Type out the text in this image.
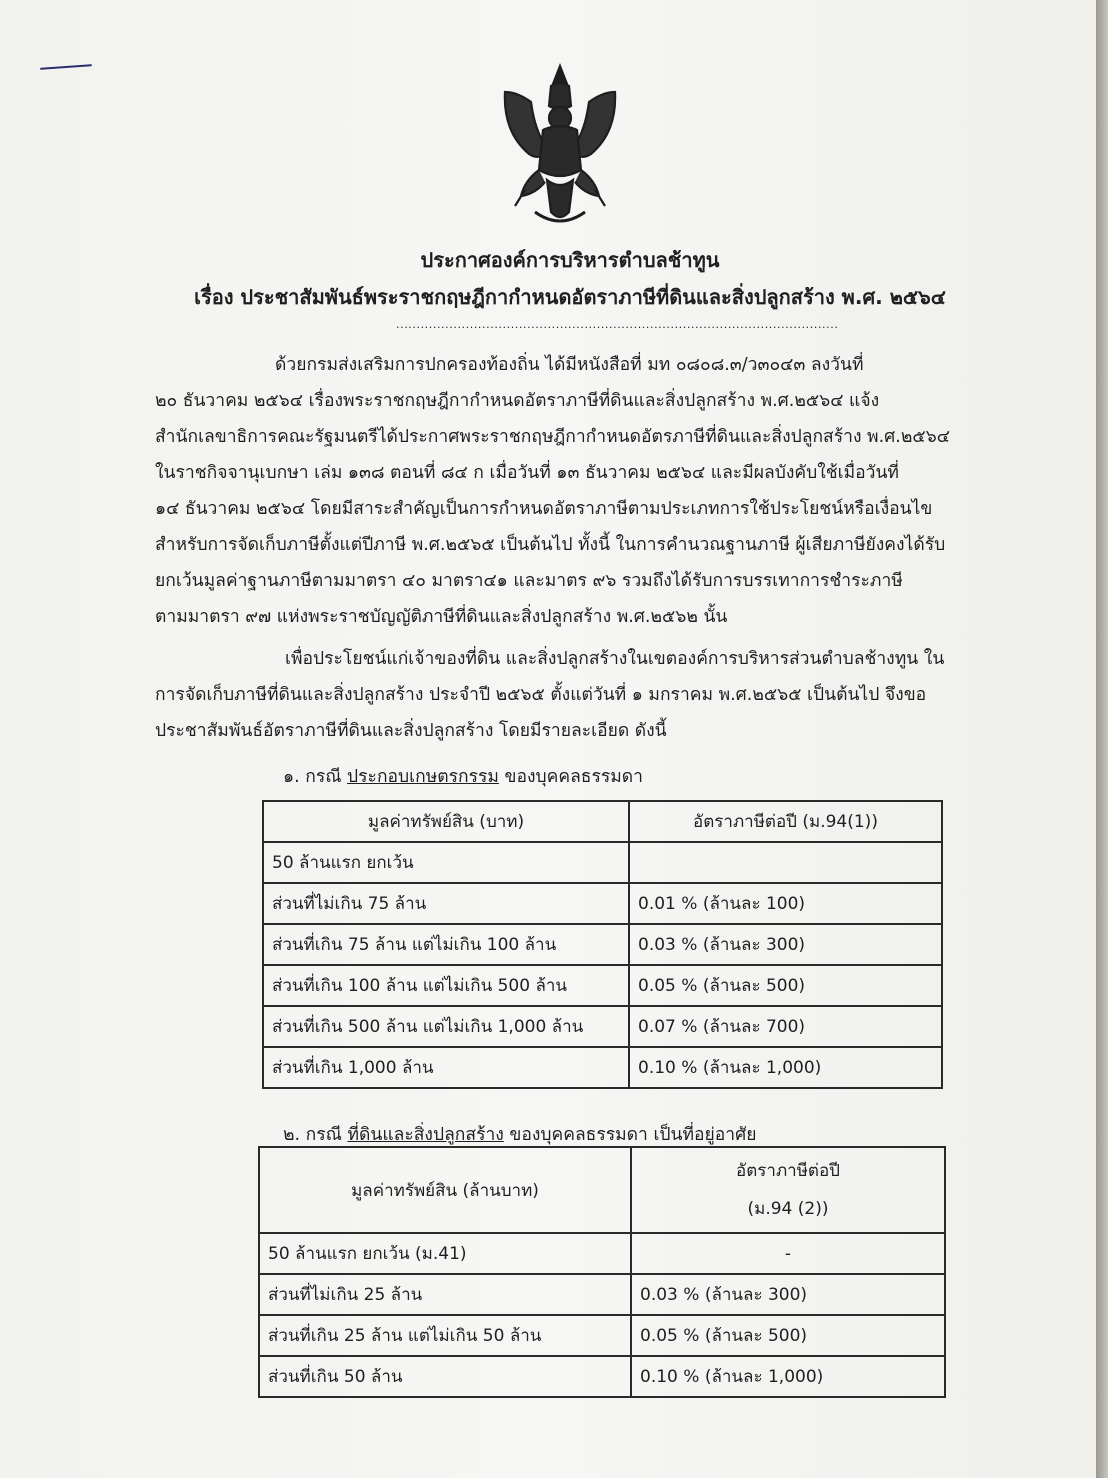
ประกาศองค์การบริหารตำบลช้าทูน
เรื่อง ประชาสัมพันธ์พระราชกฤษฎีกากำหนดอัตราภาษีที่ดินและสิ่งปลูกสร้าง พ.ศ. ๒๕๖๔
............................................................................................................
ด้วยกรมส่งเสริมการปกครองท้องถิ่น ได้มีหนังสือที่ มท ๐๘๐๘.๓/ว๓๐๔๓ ลงวันที่
๒๐ ธันวาคม ๒๕๖๔ เรื่องพระราชกฤษฎีกากำหนดอัตราภาษีที่ดินและสิ่งปลูกสร้าง พ.ศ.๒๕๖๔ แจ้ง
สำนักเลขาธิการคณะรัฐมนตรีได้ประกาศพระราชกฤษฎีกากำหนดอัตรภาษีที่ดินและสิ่งปลูกสร้าง พ.ศ.๒๕๖๔
ในราชกิจจานุเบกษา เล่ม ๑๓๘ ตอนที่ ๘๔ ก เมื่อวันที่ ๑๓ ธันวาคม ๒๕๖๔ และมีผลบังคับใช้เมื่อวันที่
๑๔ ธันวาคม ๒๕๖๔ โดยมีสาระสำคัญเป็นการกำหนดอัตราภาษีตามประเภทการใช้ประโยชน์หรือเงื่อนไข
สำหรับการจัดเก็บภาษีตั้งแต่ปีภาษี พ.ศ.๒๕๖๕ เป็นต้นไป ทั้งนี้ ในการคำนวณฐานภาษี ผู้เสียภาษียังคงได้รับ
ยกเว้นมูลค่าฐานภาษีตามมาตรา ๔๐ มาตรา๔๑ และมาตร ๙๖ รวมถึงได้รับการบรรเทาการชำระภาษี
ตามมาตรา ๙๗ แห่งพระราชบัญญัติภาษีที่ดินและสิ่งปลูกสร้าง พ.ศ.๒๕๖๒ นั้น
เพื่อประโยชน์แก่เจ้าของที่ดิน และสิ่งปลูกสร้างในเขตองค์การบริหารส่วนตำบลช้างทูน ใน
การจัดเก็บภาษีที่ดินและสิ่งปลูกสร้าง ประจำปี ๒๕๖๕ ตั้งแต่วันที่ ๑ มกราคม พ.ศ.๒๕๖๕ เป็นต้นไป จึงขอ
ประชาสัมพันธ์อัตราภาษีที่ดินและสิ่งปลูกสร้าง โดยมีรายละเอียด ดังนี้
๑. กรณี ประกอบเกษตรกรรม ของบุคคลธรรมดา
มูลค่าทรัพย์สิน (บาท)	อัตราภาษีต่อปี (ม.94(1))
50 ล้านแรก ยกเว้น	
ส่วนที่ไม่เกิน 75 ล้าน	0.01 % (ล้านละ 100)
ส่วนที่เกิน 75 ล้าน แต่ไม่เกิน 100 ล้าน	0.03 % (ล้านละ 300)
ส่วนที่เกิน 100 ล้าน แต่ไม่เกิน 500 ล้าน	0.05 % (ล้านละ 500)
ส่วนที่เกิน 500 ล้าน แต่ไม่เกิน 1,000 ล้าน	0.07 % (ล้านละ 700)
ส่วนที่เกิน 1,000 ล้าน	0.10 % (ล้านละ 1,000)
๒. กรณี ที่ดินและสิ่งปลูกสร้าง ของบุคคลธรรมดา เป็นที่อยู่อาศัย
มูลค่าทรัพย์สิน (ล้านบาท)	อัตราภาษีต่อปี
(ม.94 (2))

50 ล้านแรก ยกเว้น (ม.41)	-
ส่วนที่ไม่เกิน 25 ล้าน	0.03 % (ล้านละ 300)
ส่วนที่เกิน 25 ล้าน แต่ไม่เกิน 50 ล้าน	0.05 % (ล้านละ 500)
ส่วนที่เกิน 50 ล้าน	0.10 % (ล้านละ 1,000)
